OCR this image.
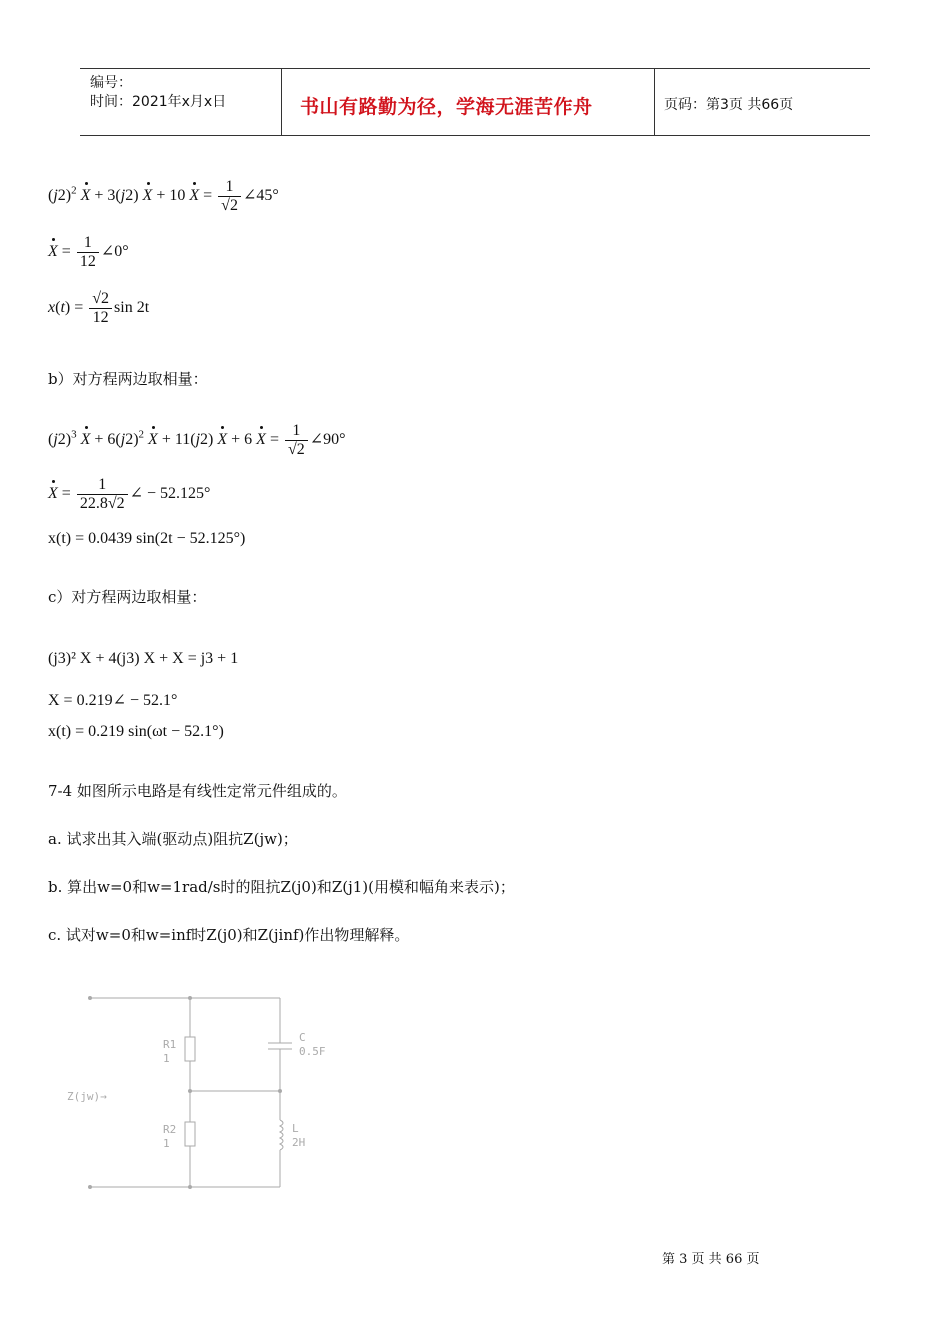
编号：
时间：2021年x月x日	书山有路勤为径，学海无涯苦作舟	页码：第3页 共66页
$(j2)^2$ X + 3(j2) X + 10 $X = \frac{1}{√2}$ ∠45°
$X = \frac{1}{12}$ ∠0°
$x(t) = \frac{√2}{12}$ sin 2t
b）对方程两边取相量：
$(j2)^3$ $X + 6(j2)^2$ X + 11(j2) X + 6 $X = \frac{1}{√2}$ ∠90°
$X = \frac{1}{22.8√2}$ ∠ − 52.125°
x(t) = 0.0439 sin(2t − 52.125°)
c）对方程两边取相量：
(j3)² X + 4(j3) X + X = j3 + 1
X = 0.219∠ − 52.1°
x(t) = 0.219 sin(ωt − 52.1°)
7-4 如图所示电路是有线性定常元件组成的。
a. 试求出其入端(驱动点)阻抗Z(jw)；
b. 算出w=0和w=1rad/s时的阻抗Z(j0)和Z(j1)(用模和幅角来表示)；
c. 试对w=0和w=inf时Z(j0)和Z(jinf)作出物理解释。
R1
1
R2
1
C
0.5F
L
2H
Z(jw)→
第 3 页 共 66 页
